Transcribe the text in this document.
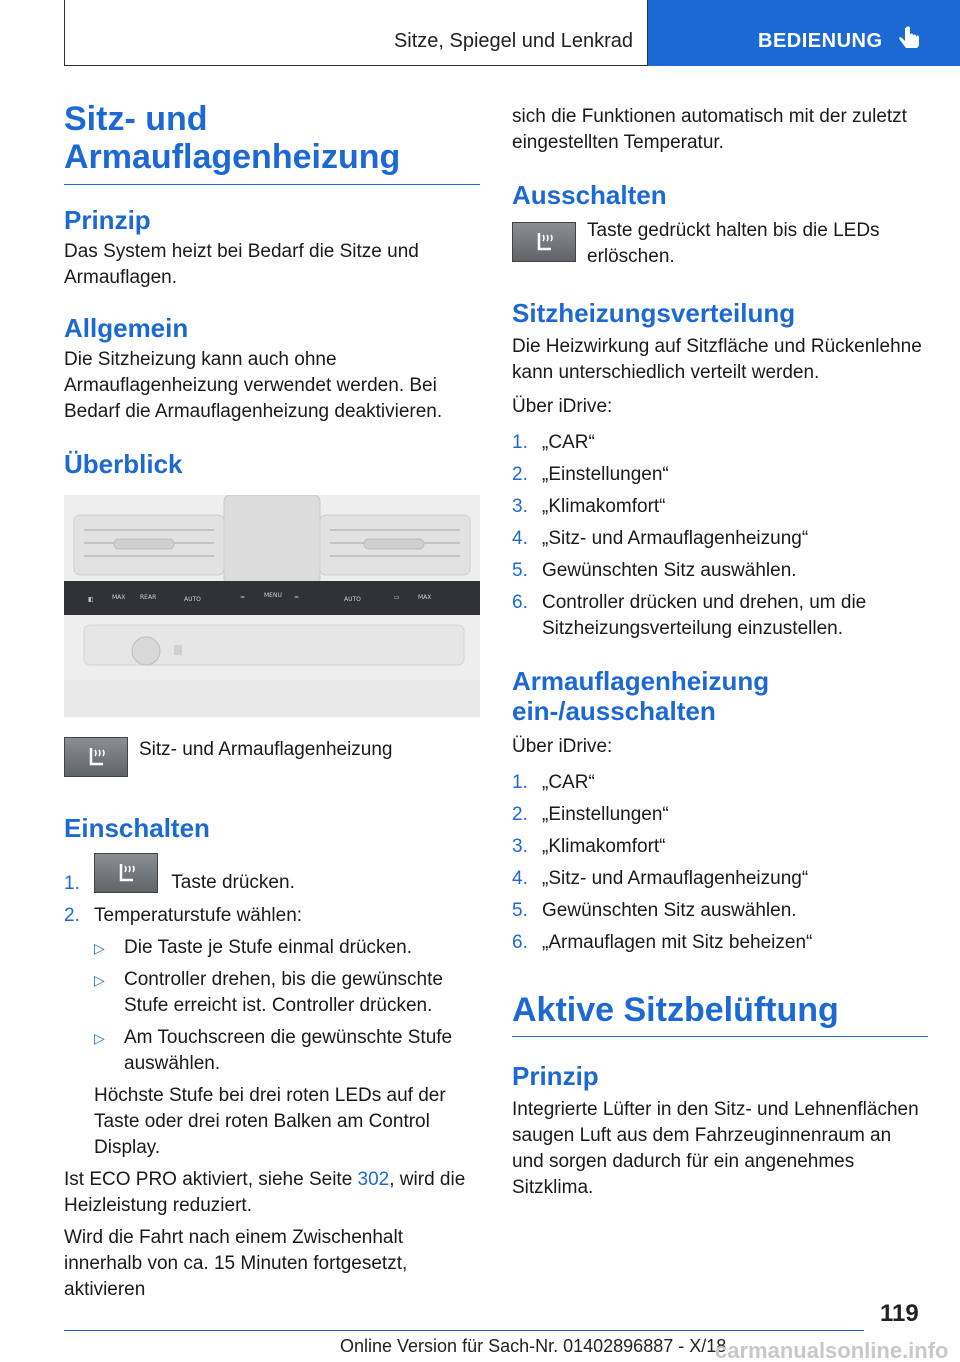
Sitze, Spiegel und Lenkrad	BEDIENUNG
Sitz- und Armauflagenheizung
Prinzip
Das System heizt bei Bedarf die Sitze und Armauflagen.
Allgemein
Die Sitzheizung kann auch ohne Armauflagenheizung verwendet werden. Bei Bedarf die Armauflagenheizung deaktivieren.
Überblick
◧	MAX REAR	AUTO	≈	MENU ≈	AUTO	▭	MAX
Sitz- und Armauflagenheizung
Einschalten
1.	Taste drücken.
2. Temperaturstufe wählen:
▷ Die Taste je Stufe einmal drücken.
▷ Controller drehen, bis die gewünschte Stufe erreicht ist. Controller drücken.
▷ Am Touchscreen die gewünschte Stufe auswählen.
Höchste Stufe bei drei roten LEDs auf der Taste oder drei roten Balken am Control Display.
Ist ECO PRO aktiviert, siehe Seite 302, wird die Heizleistung reduziert.
Wird die Fahrt nach einem Zwischenhalt innerhalb von ca. 15 Minuten fortgesetzt, aktivieren
sich die Funktionen automatisch mit der zuletzt eingestellten Temperatur.
Ausschalten
Taste gedrückt halten bis die LEDs erlöschen.
Sitzheizungsverteilung
Die Heizwirkung auf Sitzfläche und Rückenlehne kann unterschiedlich verteilt werden.
Über iDrive:
1. „CAR“
2. „Einstellungen“
3. „Klimakomfort“
4. „Sitz- und Armauflagenheizung“
5. Gewünschten Sitz auswählen.
6. Controller drücken und drehen, um die Sitzheizungsverteilung einzustellen.
Armauflagenheizung ein-/ausschalten
Über iDrive:
1. „CAR“
2. „Einstellungen“
3. „Klimakomfort“
4. „Sitz- und Armauflagenheizung“
5. Gewünschten Sitz auswählen.
6. „Armauflagen mit Sitz beheizen“
Aktive Sitzbelüftung
Prinzip
Integrierte Lüfter in den Sitz- und Lehnenflächen saugen Luft aus dem Fahrzeuginnenraum an und sorgen dadurch für ein angenehmes Sitzklima.
119
Online Version für Sach-Nr. 01402896887 - X/18
carmanualsonline.info
